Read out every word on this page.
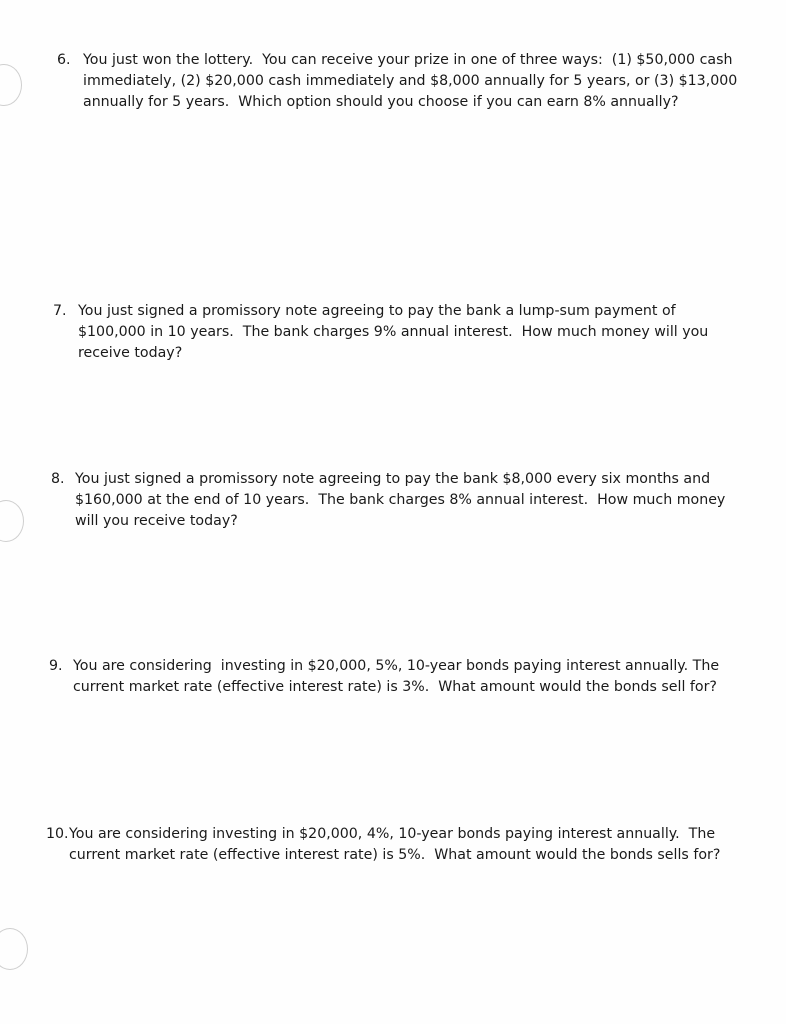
6. You just won the lottery.  You can receive your prize in one of three ways:  (1) $50,000 cash
immediately, (2) $20,000 cash immediately and $8,000 annually for 5 years, or (3) $13,000
annually for 5 years.  Which option should you choose if you can earn 8% annually?
7. You just signed a promissory note agreeing to pay the bank a lump-sum payment of
$100,000 in 10 years.  The bank charges 9% annual interest.  How much money will you
receive today?
8. You just signed a promissory note agreeing to pay the bank $8,000 every six months and
$160,000 at the end of 10 years.  The bank charges 8% annual interest.  How much money
will you receive today?
9. You are considering  investing in $20,000, 5%, 10-year bonds paying interest annually. The
current market rate (effective interest rate) is 3%.  What amount would the bonds sell for?
10. You are considering investing in $20,000, 4%, 10-year bonds paying interest annually.  The
current market rate (effective interest rate) is 5%.  What amount would the bonds sells for?
